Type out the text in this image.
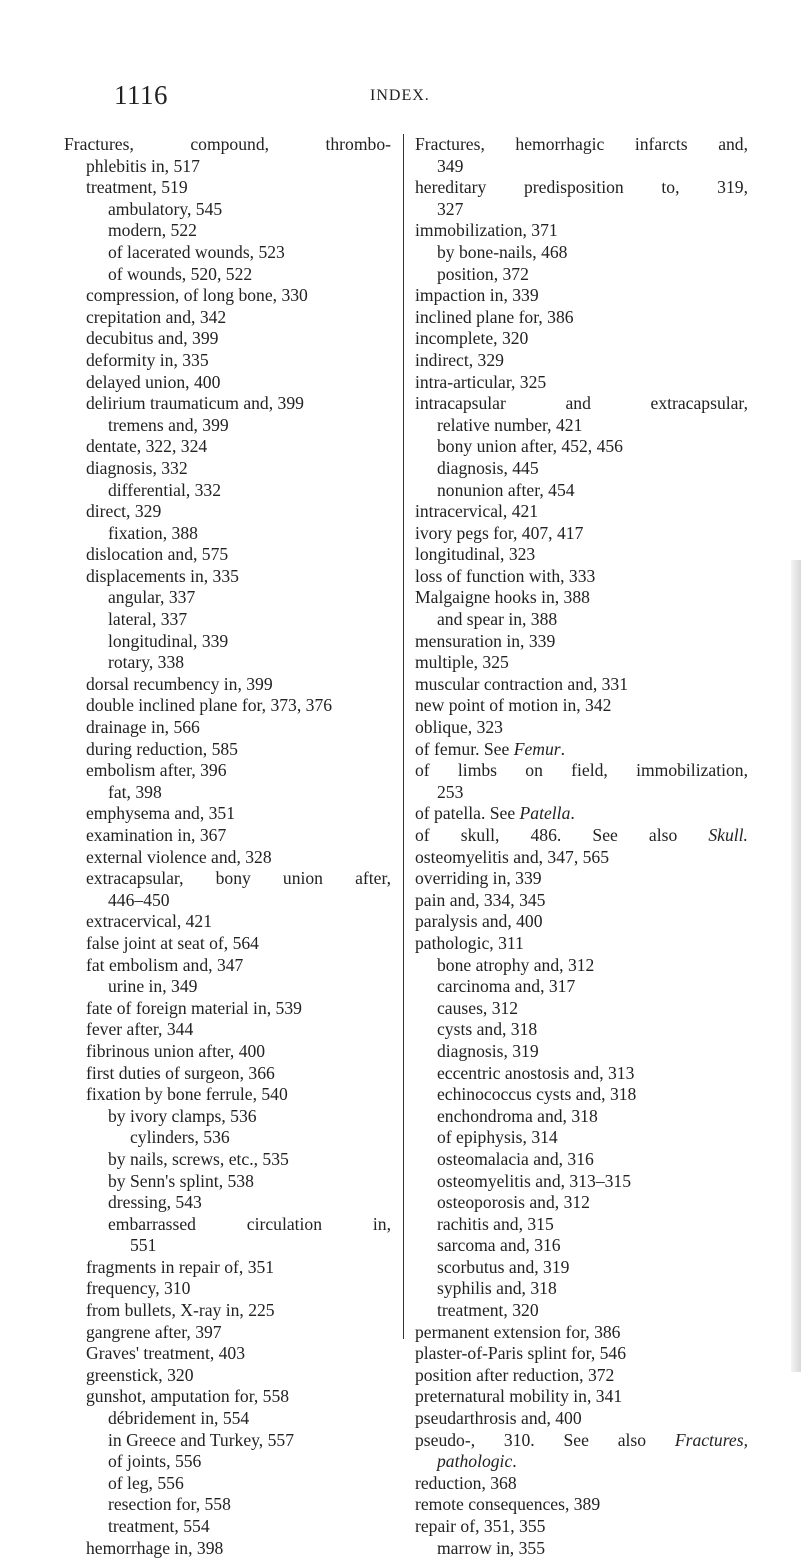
1116	INDEX.
Fractures,	compound,	thrombo-
phlebitis in, 517
treatment, 519
ambulatory, 545
modern, 522
of lacerated wounds, 523
of wounds, 520, 522
compression, of long bone, 330
crepitation and, 342
decubitus and, 399
deformity in, 335
delayed union, 400
delirium traumaticum and, 399
tremens and, 399
dentate, 322, 324
diagnosis, 332
differential, 332
direct, 329
fixation, 388
dislocation and, 575
displacements in, 335
angular, 337
lateral, 337
longitudinal, 339
rotary, 338
dorsal recumbency in, 399
double inclined plane for, 373, 376
drainage in, 566
during reduction, 585
embolism after, 396
fat, 398
emphysema and, 351
examination in, 367
external violence and, 328
extracapsular, bony union after,
446–450
extracervical, 421
false joint at seat of, 564
fat embolism and, 347
urine in, 349
fate of foreign material in, 539
fever after, 344
fibrinous union after, 400
first duties of surgeon, 366
fixation by bone ferrule, 540
by ivory clamps, 536
cylinders, 536
by nails, screws, etc., 535
by Senn's splint, 538
dressing, 543
embarrassed	circulation	in,
551
fragments in repair of, 351
frequency, 310
from bullets, X-ray in, 225
gangrene after, 397
Graves' treatment, 403
greenstick, 320
gunshot, amputation for, 558
débridement in, 554
in Greece and Turkey, 557
of joints, 556
of leg, 556
resection for, 558
treatment, 554
hemorrhage in, 398
Fractures, hemorrhagic infarcts and,
349
hereditary predisposition to, 319,
327
immobilization, 371
by bone-nails, 468
position, 372
impaction in, 339
inclined plane for, 386
incomplete, 320
indirect, 329
intra-articular, 325
intracapsular	and	extracapsular,
relative number, 421
bony union after, 452, 456
diagnosis, 445
nonunion after, 454
intracervical, 421
ivory pegs for, 407, 417
longitudinal, 323
loss of function with, 333
Malgaigne hooks in, 388
and spear in, 388
mensuration in, 339
multiple, 325
muscular contraction and, 331
new point of motion in, 342
oblique, 323
of femur. See Femur.
of limbs on field, immobilization,
253
of patella. See Patella.
of skull, 486. See also Skull.
osteomyelitis and, 347, 565
overriding in, 339
pain and, 334, 345
paralysis and, 400
pathologic, 311
bone atrophy and, 312
carcinoma and, 317
causes, 312
cysts and, 318
diagnosis, 319
eccentric anostosis and, 313
echinococcus cysts and, 318
enchondroma and, 318
of epiphysis, 314
osteomalacia and, 316
osteomyelitis and, 313–315
osteoporosis and, 312
rachitis and, 315
sarcoma and, 316
scorbutus and, 319
syphilis and, 318
treatment, 320
permanent extension for, 386
plaster-of-Paris splint for, 546
position after reduction, 372
preternatural mobility in, 341
pseudarthrosis and, 400
pseudo-, 310. See also Fractures,
pathologic.
reduction, 368
remote consequences, 389
repair of, 351, 355
marrow in, 355
